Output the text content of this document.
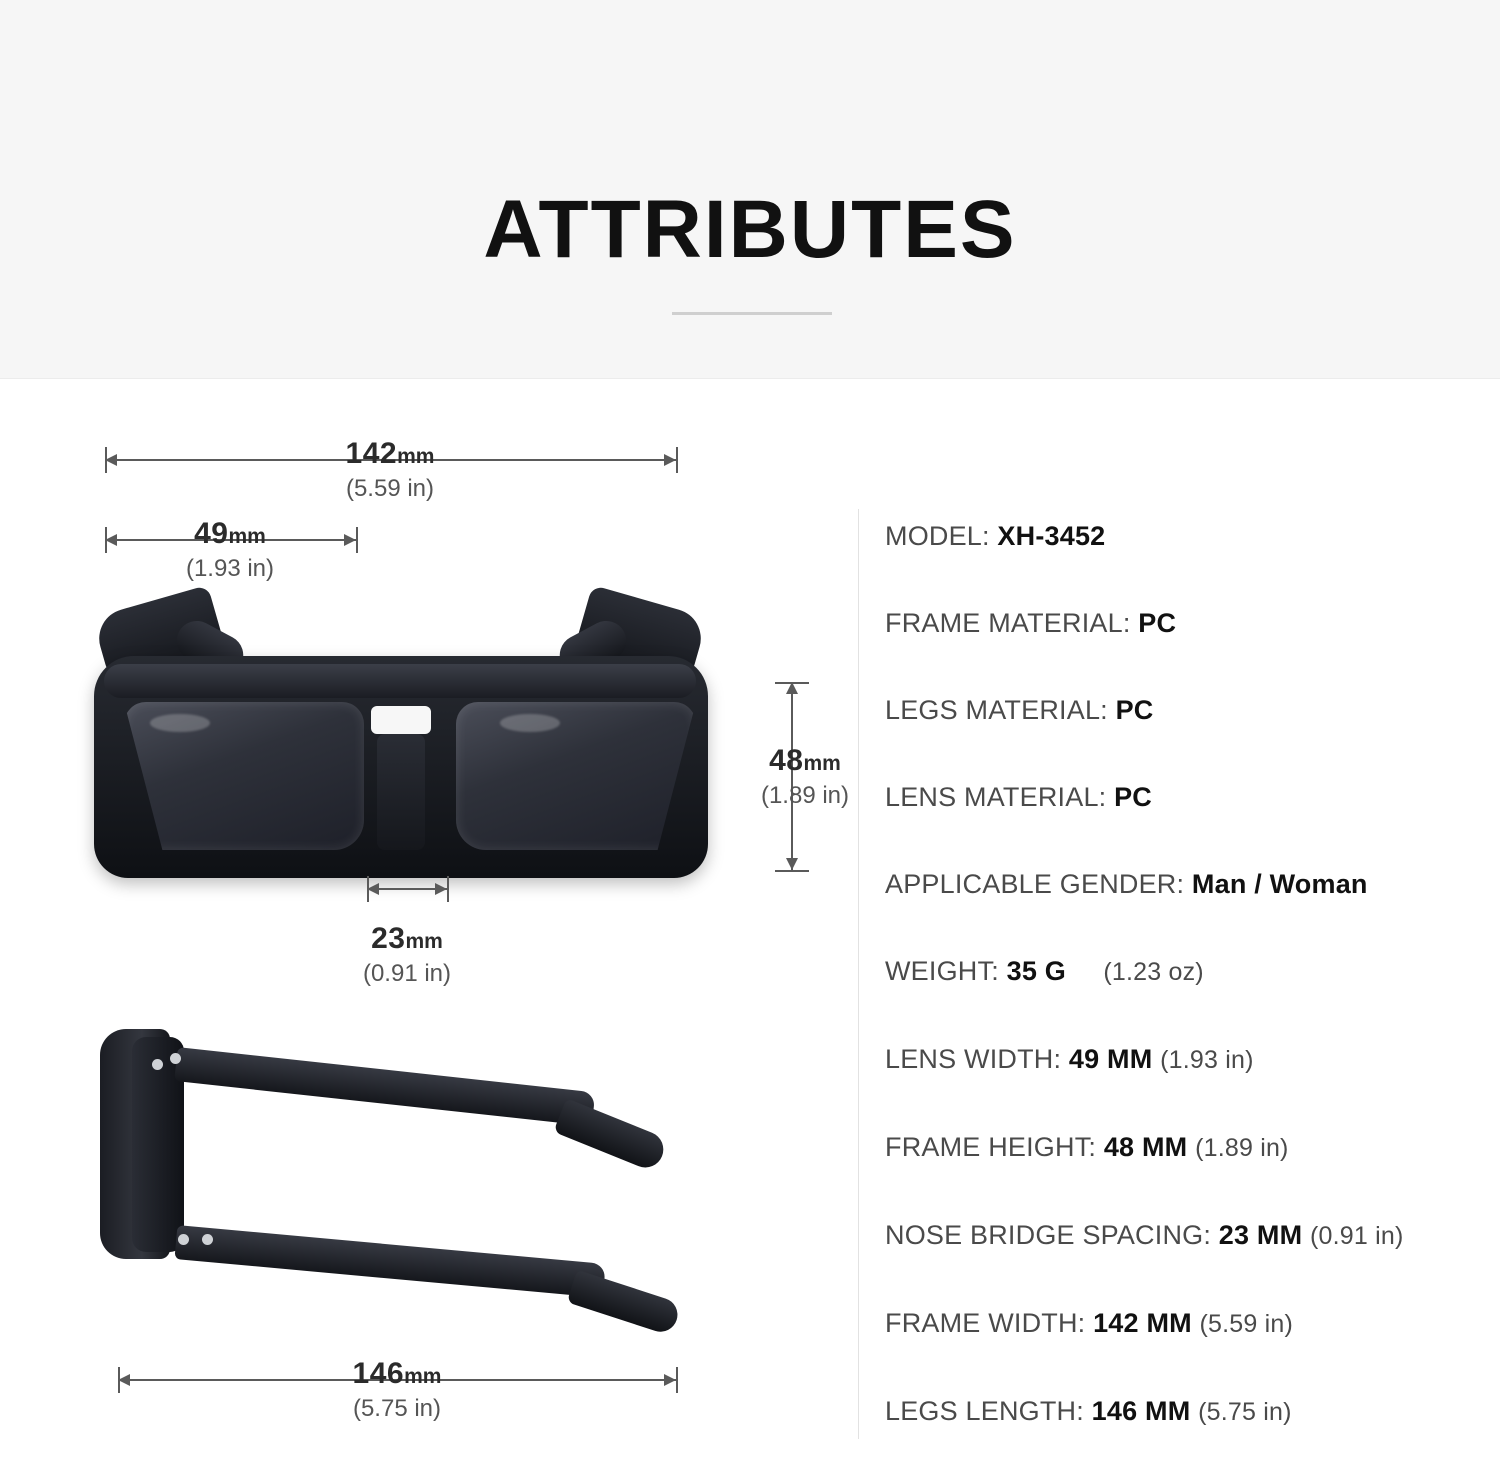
ATTRIBUTES
142mm
(5.59 in)
49mm
(1.93 in)
48mm
(1.89 in)
23mm
(0.91 in)
146mm
(5.75 in)
MODEL: XH-3452
FRAME MATERIAL: PC
LEGS MATERIAL: PC
LENS MATERIAL: PC
APPLICABLE GENDER: Man / Woman
WEIGHT: 35 G (1.23 oz)
LENS WIDTH: 49 MM (1.93 in)
FRAME HEIGHT: 48 MM (1.89 in)
NOSE BRIDGE SPACING: 23 MM (0.91 in)
FRAME WIDTH: 142 MM (5.59 in)
LEGS LENGTH: 146 MM (5.75 in)
